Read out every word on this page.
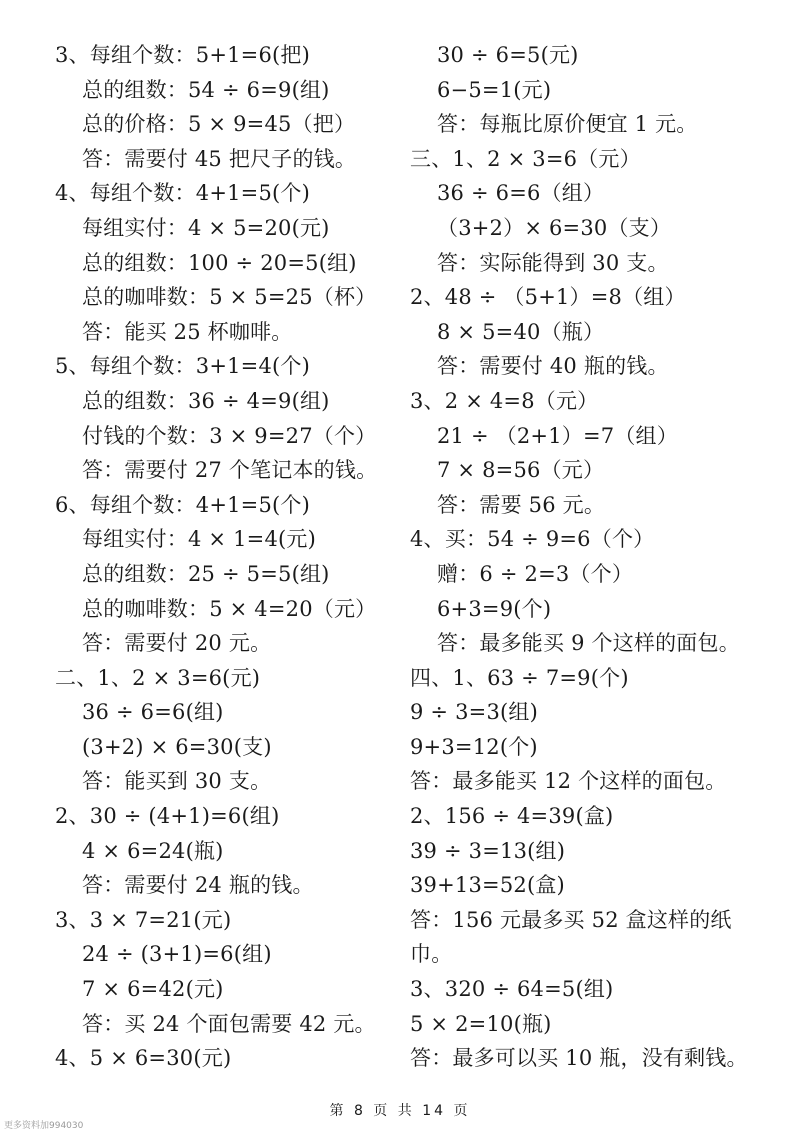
3、每组个数：5+1=6(把)
总的组数：54 ÷ 6=9(组)
总的价格：5 × 9=45（把）
答：需要付 45 把尺子的钱。
4、每组个数：4+1=5(个)
每组实付：4 × 5=20(元)
总的组数：100 ÷ 20=5(组)
总的咖啡数：5 × 5=25（杯）
答：能买 25 杯咖啡。
5、每组个数：3+1=4(个)
总的组数：36 ÷ 4=9(组)
付钱的个数：3 × 9=27（个）
答：需要付 27 个笔记本的钱。
6、每组个数：4+1=5(个)
每组实付：4 × 1=4(元)
总的组数：25 ÷ 5=5(组)
总的咖啡数：5 × 4=20（元）
答：需要付 20 元。
二、1、2 × 3=6(元)
36 ÷ 6=6(组)
(3+2) × 6=30(支)
答：能买到 30 支。
2、30 ÷ (4+1)=6(组)
4 × 6=24(瓶)
答：需要付 24 瓶的钱。
3、3 × 7=21(元)
24 ÷ (3+1)=6(组)
7 × 6=42(元)
答：买 24 个面包需要 42 元。
4、5 × 6=30(元)
30 ÷ 6=5(元)
6−5=1(元)
答：每瓶比原价便宜 1 元。
三、1、2 × 3=6（元）
36 ÷ 6=6（组）
（3+2）× 6=30（支）
答：实际能得到 30 支。
2、48 ÷ （5+1）=8（组）
8 × 5=40（瓶）
答：需要付 40 瓶的钱。
3、2 × 4=8（元）
21 ÷ （2+1）=7（组）
7 × 8=56（元）
答：需要 56 元。
4、买：54 ÷ 9=6（个）
赠：6 ÷ 2=3（个）
6+3=9(个)
答：最多能买 9 个这样的面包。
四、1、63 ÷ 7=9(个)
9 ÷ 3=3(组)
9+3=12(个)
答：最多能买 12 个这样的面包。
2、156 ÷ 4=39(盒)
39 ÷ 3=13(组)
39+13=52(盒)
答：156 元最多买 52 盒这样的纸
巾。
3、320 ÷ 64=5(组)
5 × 2=10(瓶)
答：最多可以买 10 瓶，没有剩钱。
第 8 页 共 14 页
更多资料加994030
